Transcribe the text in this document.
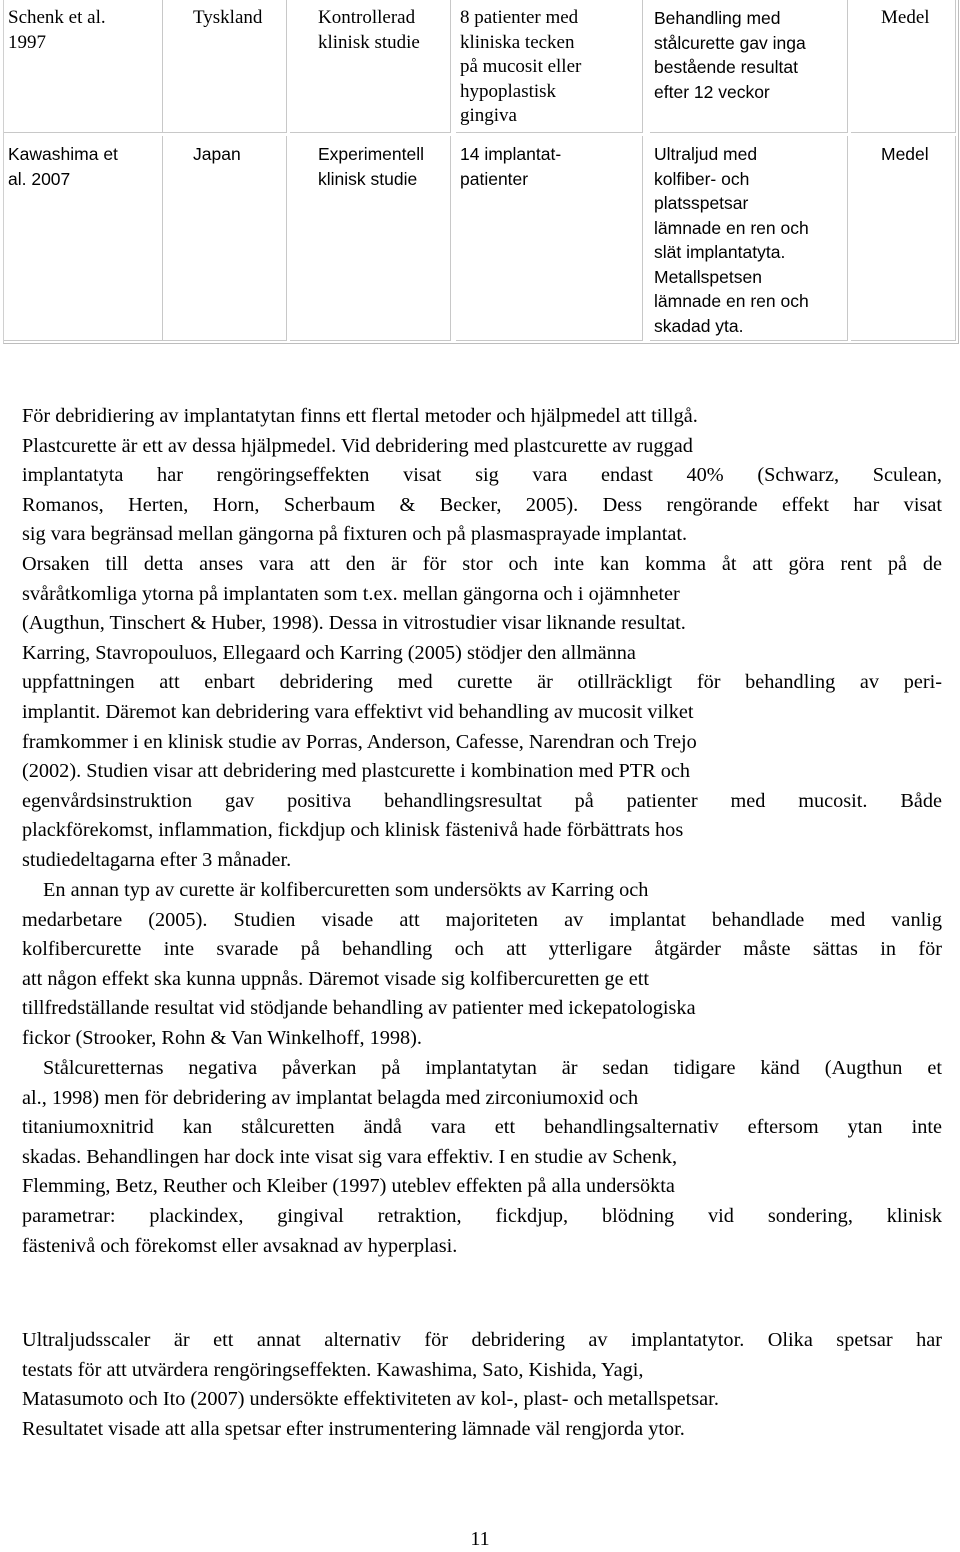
Schenk et al.
1997
Tyskland	Kontrollerad
klinisk studie
8 patienter med
kliniska tecken
på mucosit eller
hypoplastisk
gingiva
Behandling med
stålcurette gav inga
bestående resultat
efter 12 veckor
Medel
Kawashima et
al. 2007
Japan	Experimentell
klinisk studie
14 implantat-
patienter
Ultraljud med
kolfiber- och
platsspetsar
lämnade en ren och
slät implantatyta.
Metallspetsen
lämnade en ren och
skadad yta.
Medel
För debridiering av implantatytan finns ett flertal metoder och hjälpmedel att tillgå.
Plastcurette är ett av dessa hjälpmedel. Vid debridering med plastcurette av ruggad
implantatyta har rengöringseffekten visat sig vara endast 40% (Schwarz, Sculean,
Romanos, Herten, Horn, Scherbaum & Becker, 2005). Dess rengörande effekt har visat
sig vara begränsad mellan gängorna på fixturen och på plasmasprayade implantat.
Orsaken till detta anses vara att den är för stor och inte kan komma åt att göra rent på de
svåråtkomliga ytorna på implantaten som t.ex. mellan gängorna och i ojämnheter
(Augthun, Tinschert & Huber, 1998). Dessa in vitrostudier visar liknande resultat.
Karring, Stavropouluos, Ellegaard och Karring (2005) stödjer den allmänna
uppfattningen att enbart debridering med curette är otillräckligt för behandling av peri-
implantit. Däremot kan debridering vara effektivt vid behandling av mucosit vilket
framkommer i en klinisk studie av Porras, Anderson, Cafesse, Narendran och Trejo
(2002). Studien visar att debridering med plastcurette i kombination med PTR och
egenvårdsinstruktion gav positiva behandlingsresultat på patienter med mucosit. Både
plackförekomst, inflammation, fickdjup och klinisk fästenivå hade förbättrats hos
studiedeltagarna efter 3 månader.
En annan typ av curette är kolfibercuretten som undersökts av Karring och
medarbetare (2005). Studien visade att majoriteten av implantat behandlade med vanlig
kolfibercurette inte svarade på behandling och att ytterligare åtgärder måste sättas in för
att någon effekt ska kunna uppnås. Däremot visade sig kolfibercuretten ge ett
tillfredställande resultat vid stödjande behandling av patienter med ickepatologiska
fickor (Strooker, Rohn & Van Winkelhoff, 1998).
Stålcuretternas negativa påverkan på implantatytan är sedan tidigare känd (Augthun et
al., 1998) men för debridering av implantat belagda med zirconiumoxid och
titaniumoxnitrid kan stålcuretten ändå vara ett behandlingsalternativ eftersom ytan inte
skadas. Behandlingen har dock inte visat sig vara effektiv. I en studie av Schenk,
Flemming, Betz, Reuther och Kleiber (1997) uteblev effekten på alla undersökta
parametrar: plackindex, gingival retraktion, fickdjup, blödning vid sondering, klinisk
fästenivå och förekomst eller avsaknad av hyperplasi.
Ultraljudsscaler är ett annat alternativ för debridering av implantatytor. Olika spetsar har
testats för att utvärdera rengöringseffekten. Kawashima, Sato, Kishida, Yagi,
Matasumoto och Ito (2007) undersökte effektiviteten av kol-, plast- och metallspetsar.
Resultatet visade att alla spetsar efter instrumentering lämnade väl rengjorda ytor.
11
